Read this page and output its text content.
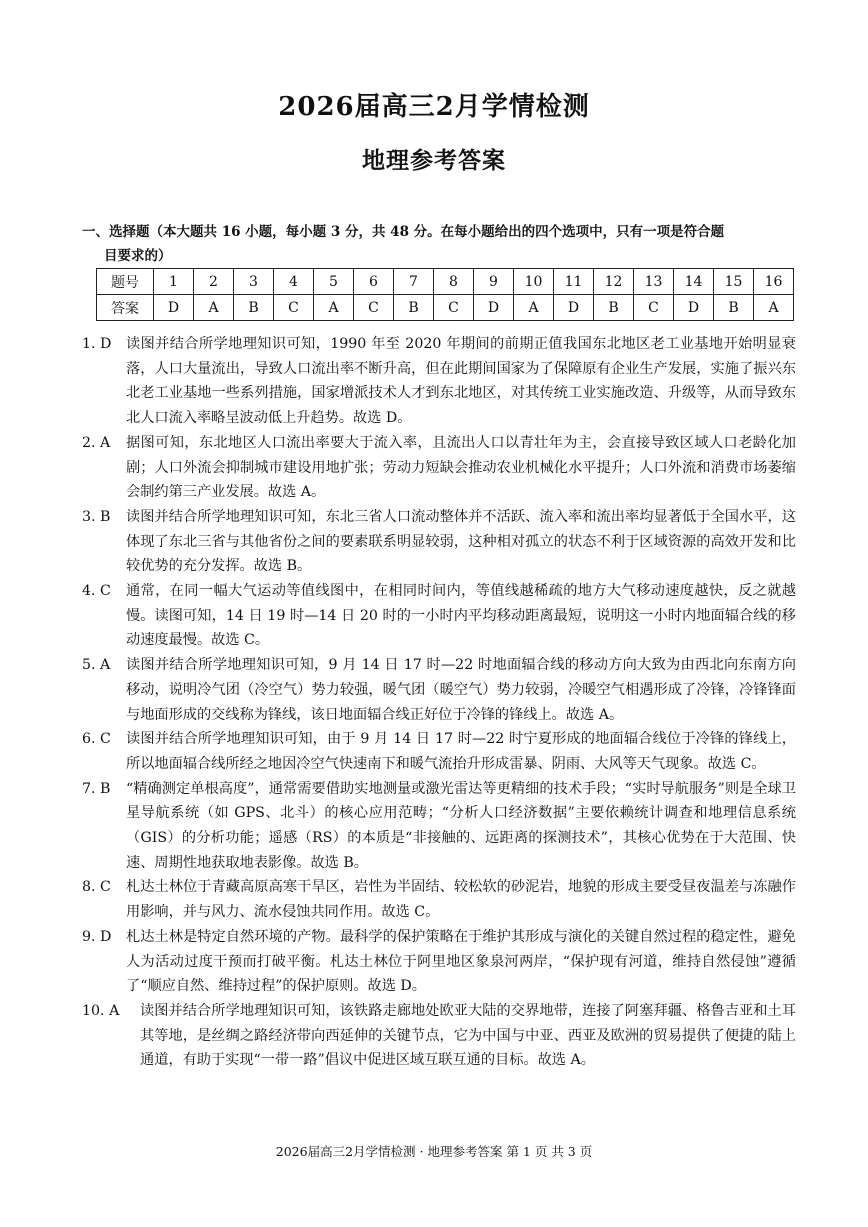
2026届高三2月学情检测
地理参考答案
一、选择题（本大题共 16 小题，每小题 3 分，共 48 分。在每小题给出的四个选项中，只有一项是符合题
目要求的）
题号	1	2	3	4	5	6	7	8	9	10	11	12	13	14	15	16
答案	D	A	B	C	A	C	B	C	D	A	D	B	C	D	B	A
1. D	读图并结合所学地理知识可知，1990 年至 2020 年期间的前期正值我国东北地区老工业基地开始明显衰落，人口大量流出，导致人口流出率不断升高，但在此期间国家为了保障原有企业生产发展，实施了振兴东北老工业基地一些系列措施，国家增派技术人才到东北地区，对其传统工业实施改造、升级等，从而导致东北人口流入率略呈波动低上升趋势。故选 D。
2. A	据图可知，东北地区人口流出率要大于流入率，且流出人口以青壮年为主，会直接导致区域人口老龄化加剧；人口外流会抑制城市建设用地扩张；劳动力短缺会推动农业机械化水平提升；人口外流和消费市场萎缩会制约第三产业发展。故选 A。
3. B	读图并结合所学地理知识可知，东北三省人口流动整体并不活跃、流入率和流出率均显著低于全国水平，这体现了东北三省与其他省份之间的要素联系明显较弱，这种相对孤立的状态不利于区域资源的高效开发和比较优势的充分发挥。故选 B。
4. C	通常，在同一幅大气运动等值线图中，在相同时间内，等值线越稀疏的地方大气移动速度越快，反之就越慢。读图可知，14 日 19 时—14 日 20 时的一小时内平均移动距离最短，说明这一小时内地面辐合线的移动速度最慢。故选 C。
5. A	读图并结合所学地理知识可知，9 月 14 日 17 时—22 时地面辐合线的移动方向大致为由西北向东南方向移动，说明冷气团（冷空气）势力较强，暖气团（暖空气）势力较弱，冷暖空气相遇形成了冷锋，冷锋锋面与地面形成的交线称为锋线，该日地面辐合线正好位于冷锋的锋线上。故选 A。
6. C	读图并结合所学地理知识可知，由于 9 月 14 日 17 时—22 时宁夏形成的地面辐合线位于冷锋的锋线上，所以地面辐合线所经之地因冷空气快速南下和暖气流抬升形成雷暴、阴雨、大风等天气现象。故选 C。
7. B	“精确测定单根高度”，通常需要借助实地测量或激光雷达等更精细的技术手段；“实时导航服务”则是全球卫星导航系统（如 GPS、北斗）的核心应用范畴；“分析人口经济数据”主要依赖统计调查和地理信息系统（GIS）的分析功能；遥感（RS）的本质是“非接触的、远距离的探测技术”，其核心优势在于大范围、快速、周期性地获取地表影像。故选 B。
8. C	札达土林位于青藏高原高寒干旱区，岩性为半固结、较松软的砂泥岩，地貌的形成主要受昼夜温差与冻融作用影响，并与风力、流水侵蚀共同作用。故选 C。
9. D	札达土林是特定自然环境的产物。最科学的保护策略在于维护其形成与演化的关键自然过程的稳定性，避免人为活动过度干预而打破平衡。札达土林位于阿里地区象泉河两岸，“保护现有河道，维持自然侵蚀”遵循了“顺应自然、维持过程”的保护原则。故选 D。
10. A	读图并结合所学地理知识可知，该铁路走廊地处欧亚大陆的交界地带，连接了阿塞拜疆、格鲁吉亚和土耳其等地，是丝绸之路经济带向西延伸的关键节点，它为中国与中亚、西亚及欧洲的贸易提供了便捷的陆上通道，有助于实现“一带一路”倡议中促进区域互联互通的目标。故选 A。
2026届高三2月学情检测 · 地理参考答案 第 1 页 共 3 页
